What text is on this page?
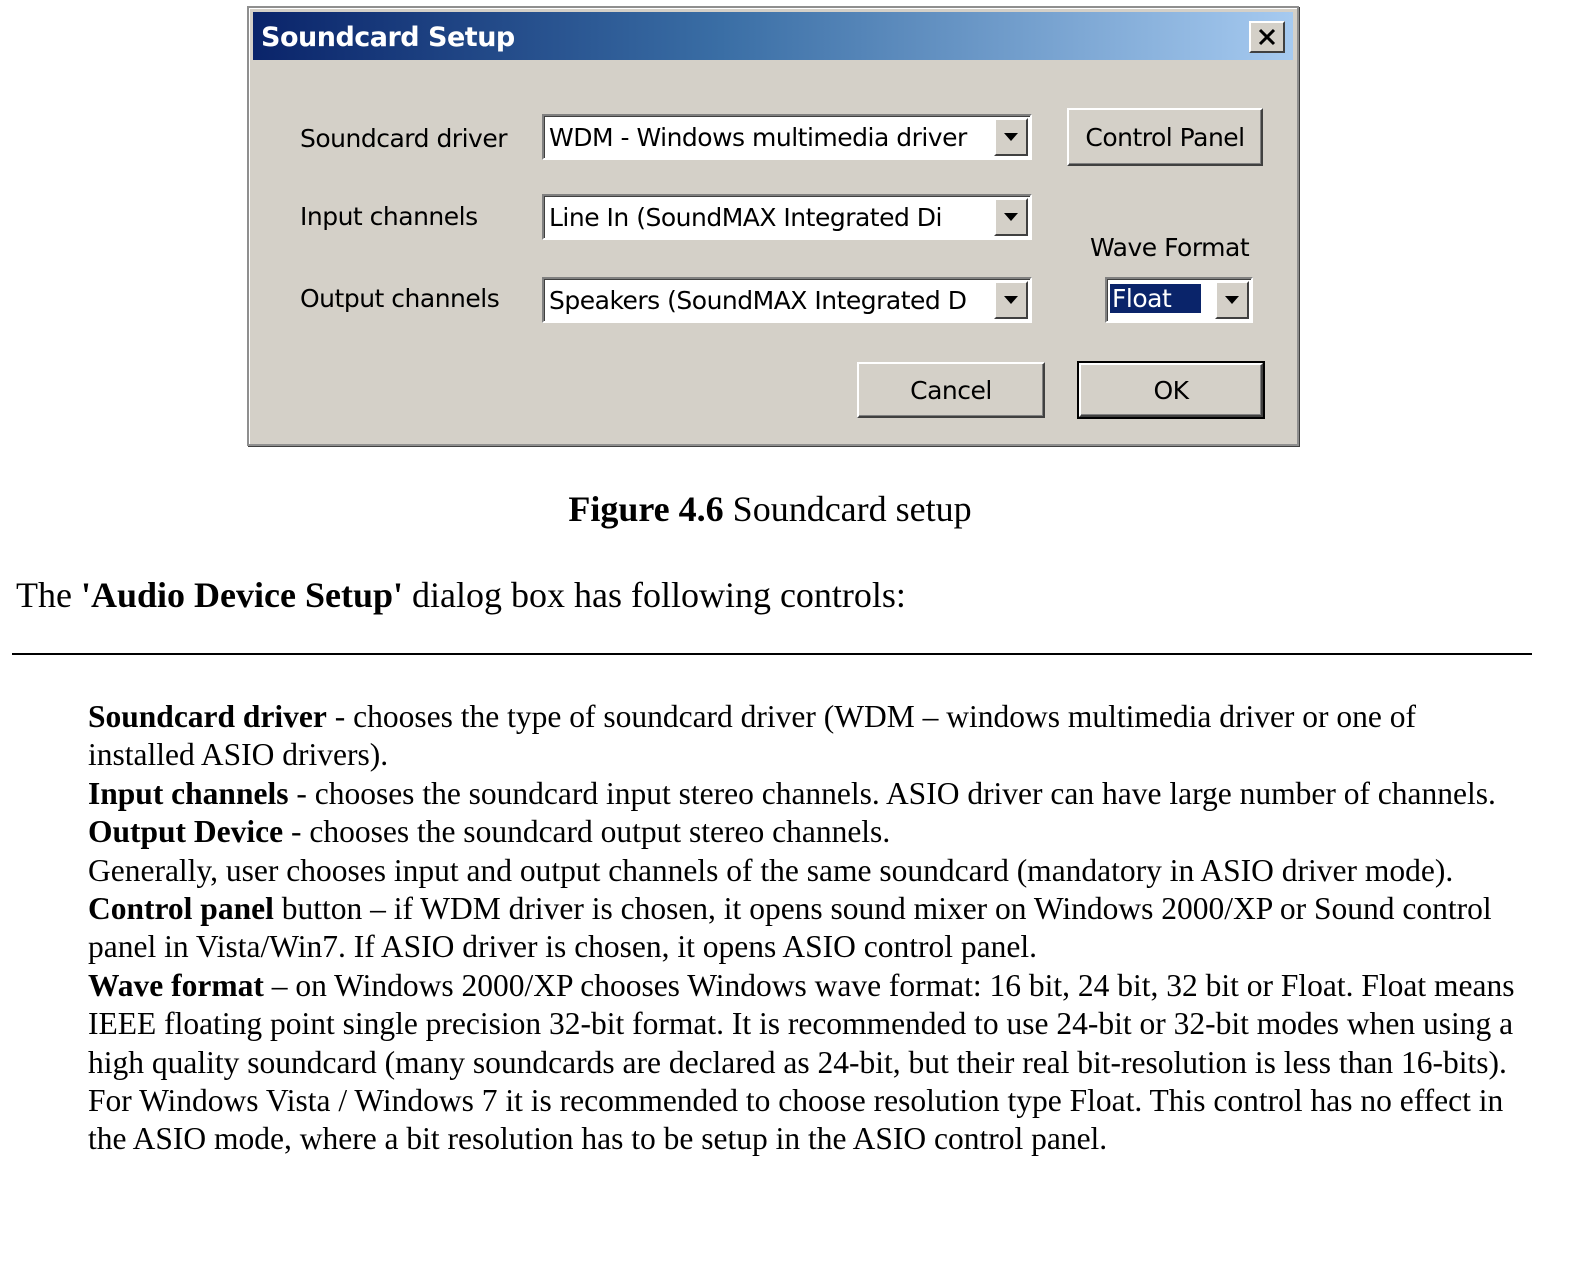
Soundcard Setup
Soundcard driver WDM - Windows multimedia driver
Input channels	Line In (SoundMAX Integrated Di
Output channels Speakers (SoundMAX Integrated D
Control Panel
Wave Format
Float
Cancel	OK
Figure 4.6 Soundcard setup
The 'Audio Device Setup' dialog box has following controls:

Soundcard driver - chooses the type of soundcard driver (WDM – windows multimedia driver or one of installed ASIO drivers).

Input channels - chooses the soundcard input stereo channels. ASIO driver can have large number of channels.

Output Device - chooses the soundcard output stereo channels.

Generally, user chooses input and output channels of the same soundcard (mandatory in ASIO driver mode).

Control panel button – if WDM driver is chosen, it opens sound mixer on Windows 2000/XP or Sound control panel in Vista/Win7. If ASIO driver is chosen, it opens ASIO control panel.

Wave format – on Windows 2000/XP chooses Windows wave format: 16 bit, 24 bit, 32 bit or Float. Float means IEEE floating point single precision 32-bit format. It is recommended to use 24-bit or 32-bit modes when using a high quality soundcard (many soundcards are declared as 24-bit, but their real bit-resolution is less than 16-bits). For Windows Vista / Windows 7 it is recommended to choose resolution type Float. This control has no effect in the ASIO mode, where a bit resolution has to be setup in the ASIO control panel.
